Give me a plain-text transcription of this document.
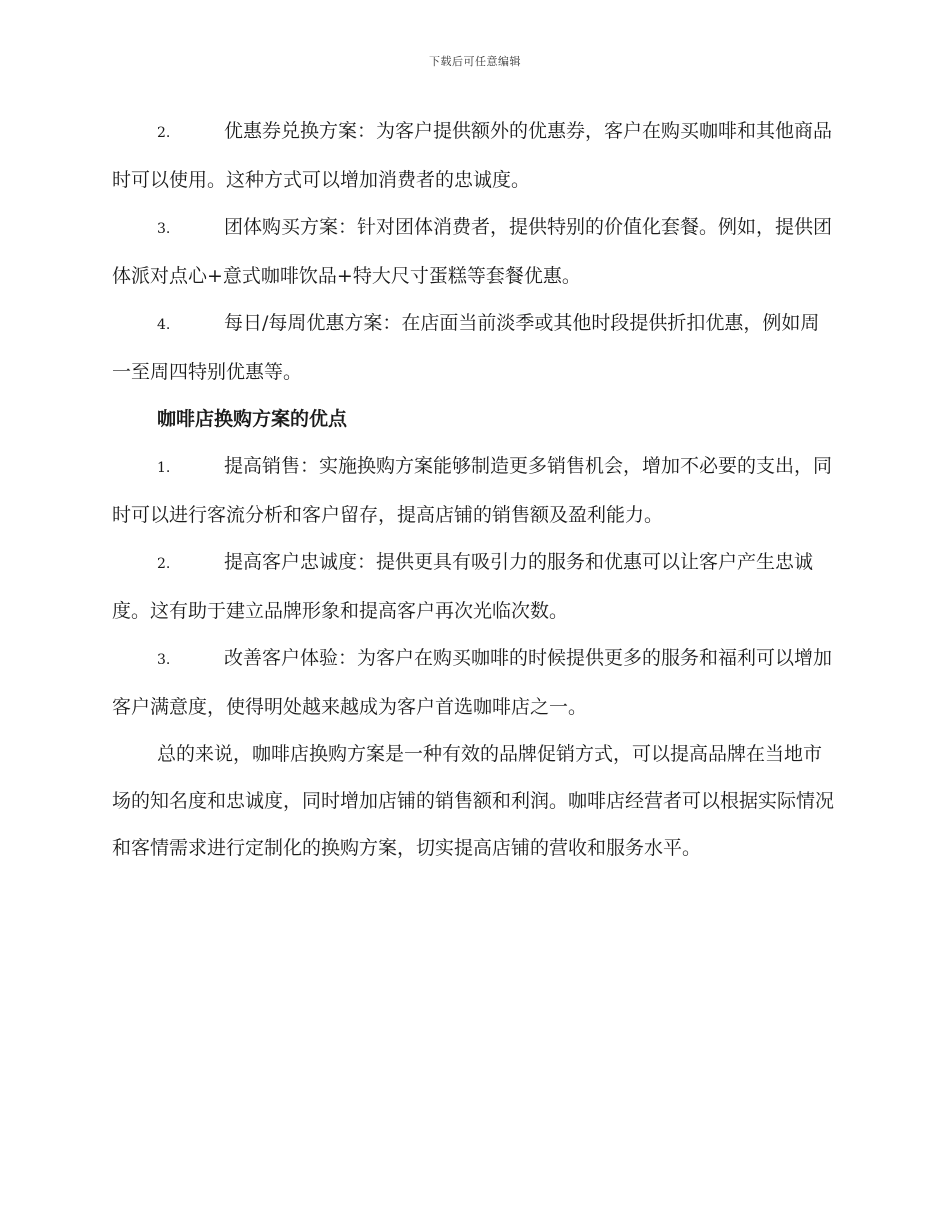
下载后可任意编辑

2.	优惠券兑换方案：为客户提供额外的优惠券，客户在购买咖啡和其他商品时可以使用。这种方式可以增加消费者的忠诚度。

3.	团体购买方案：针对团体消费者，提供特别的价值化套餐。例如，提供团体派对点心+意式咖啡饮品+特大尺寸蛋糕等套餐优惠。

4.	每日/每周优惠方案：在店面当前淡季或其他时段提供折扣优惠，例如周一至周四特别优惠等。

咖啡店换购方案的优点

1.	提高销售：实施换购方案能够制造更多销售机会，增加不必要的支出，同时可以进行客流分析和客户留存，提高店铺的销售额及盈利能力。

2.	提高客户忠诚度：提供更具有吸引力的服务和优惠可以让客户产生忠诚度。这有助于建立品牌形象和提高客户再次光临次数。

3.	改善客户体验：为客户在购买咖啡的时候提供更多的服务和福利可以增加客户满意度，使得明处越来越成为客户首选咖啡店之一。

总的来说，咖啡店换购方案是一种有效的品牌促销方式，可以提高品牌在当地市场的知名度和忠诚度，同时增加店铺的销售额和利润。咖啡店经营者可以根据实际情况和客情需求进行定制化的换购方案，切实提高店铺的营收和服务水平。
